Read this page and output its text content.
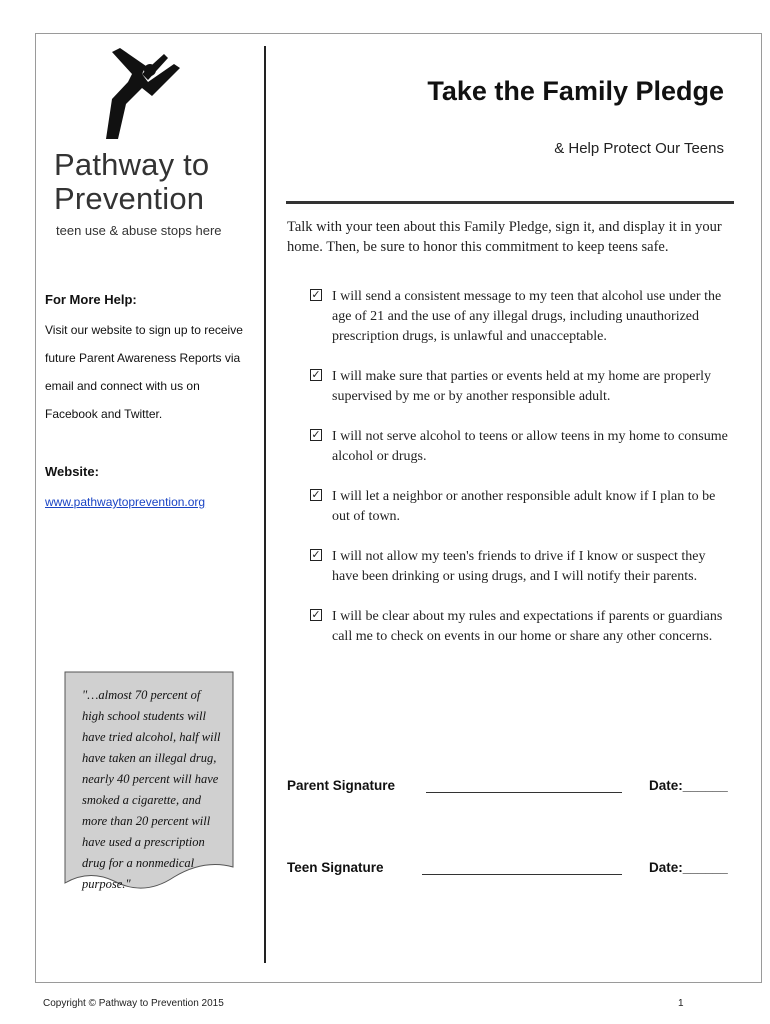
Pathway to
Prevention
teen use & abuse stops here
For More Help:
Visit our website to sign up to receive future Parent Awareness Reports via email and connect with us on Facebook and Twitter.
Website:
www.pathwaytoprevention.org
"…almost 70 percent of high school students will have tried alcohol, half will have taken an illegal drug, nearly 40 percent will have smoked a cigarette, and more than 20 percent will have used a prescription drug for a nonmedical purpose."
Take the Family Pledge
& Help Protect Our Teens
Talk with your teen about this Family Pledge, sign it, and display it in your home. Then, be sure to honor this commitment to keep teens safe.
✓ I will send a consistent message to my teen that alcohol use under the age of 21 and the use of any illegal drugs, including unauthorized prescription drugs, is unlawful and unacceptable.
✓ I will make sure that parties or events held at my home are properly supervised by me or by another responsible adult.
✓ I will not serve alcohol to teens or allow teens in my home to consume alcohol or drugs.
✓ I will let a neighbor or another responsible adult know if I plan to be out of town.
✓ I will not allow my teen's friends to drive if I know or suspect they have been drinking or using drugs, and I will notify their parents.
✓ I will be clear about my rules and expectations if parents or guardians call me to check on events in our home or share any other concerns.
Parent Signature	Date:______
Teen Signature	Date:______
Copyright © Pathway to Prevention 2015	1
